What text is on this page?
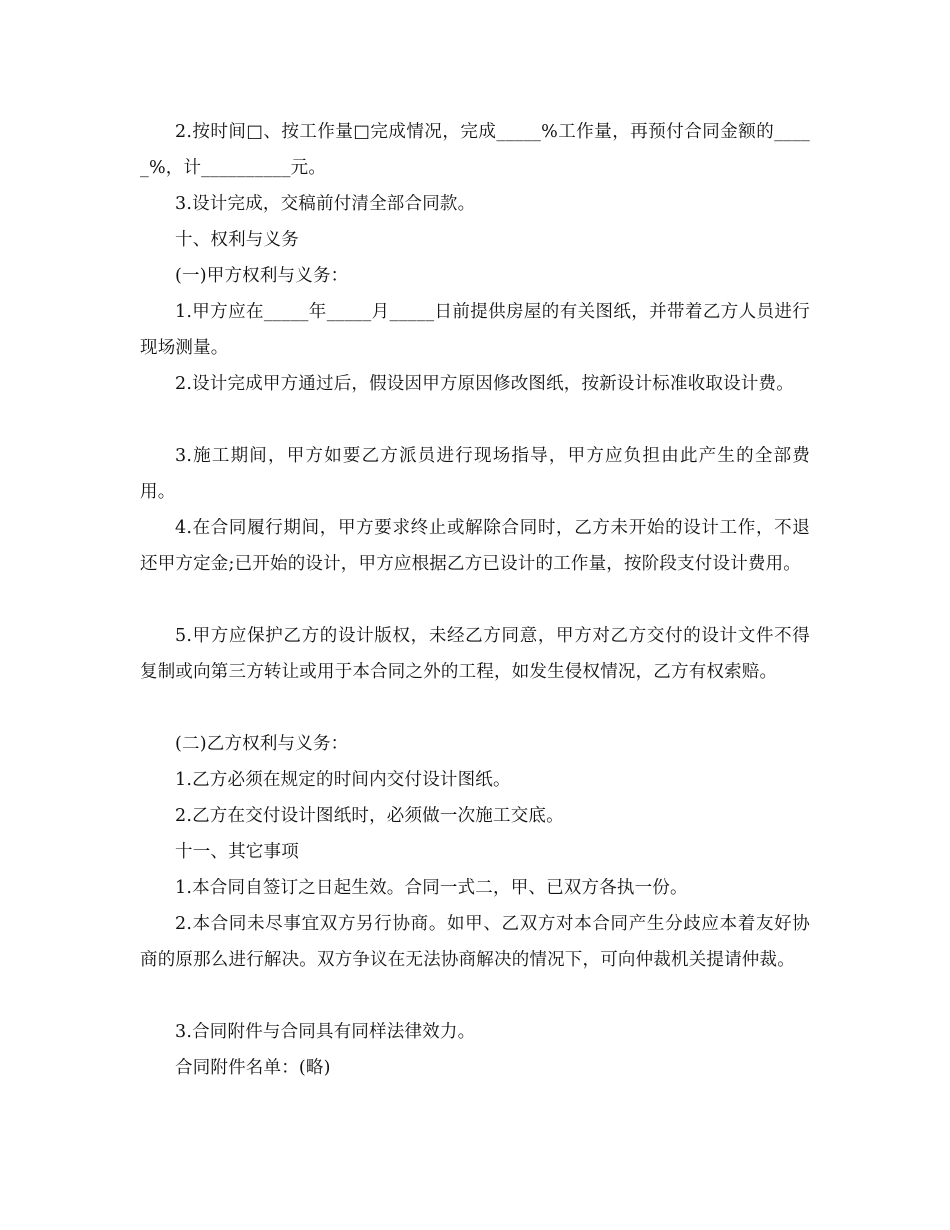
2.按时间□、按工作量□完成情况，完成_____%工作量，再预付合同金额的_____%，计__________元。

3.设计完成，交稿前付清全部合同款。

十、权利与义务

(一)甲方权利与义务：

1.甲方应在_____年_____月_____日前提供房屋的有关图纸，并带着乙方人员进行现场测量。

2.设计完成甲方通过后，假设因甲方原因修改图纸，按新设计标准收取设计费。

3.施工期间，甲方如要乙方派员进行现场指导，甲方应负担由此产生的全部费用。

4.在合同履行期间，甲方要求终止或解除合同时，乙方未开始的设计工作，不退还甲方定金;已开始的设计，甲方应根据乙方已设计的工作量，按阶段支付设计费用。

5.甲方应保护乙方的设计版权，未经乙方同意，甲方对乙方交付的设计文件不得复制或向第三方转让或用于本合同之外的工程，如发生侵权情况，乙方有权索赔。

(二)乙方权利与义务：

1.乙方必须在规定的时间内交付设计图纸。

2.乙方在交付设计图纸时，必须做一次施工交底。

十一、其它事项

1.本合同自签订之日起生效。合同一式二，甲、已双方各执一份。

2.本合同未尽事宜双方另行协商。如甲、乙双方对本合同产生分歧应本着友好协商的原那么进行解决。双方争议在无法协商解决的情况下，可向仲裁机关提请仲裁。

3.合同附件与合同具有同样法律效力。

合同附件名单：(略)
